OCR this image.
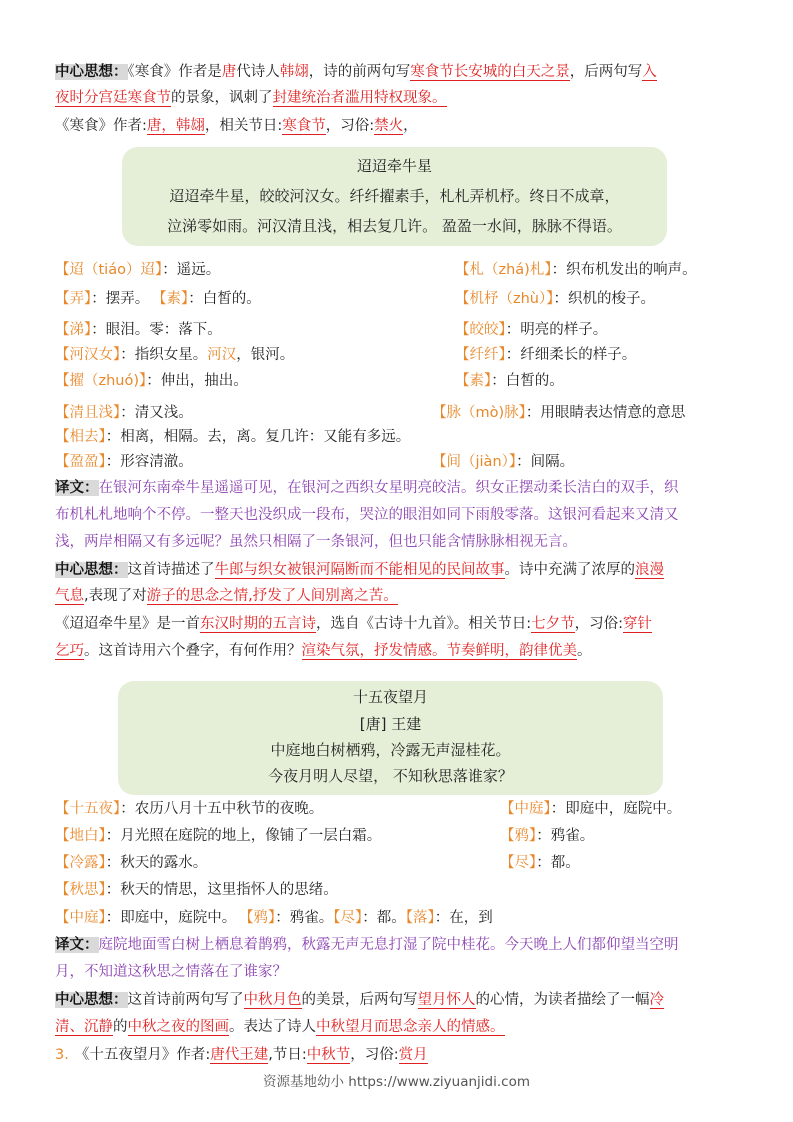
中心思想：《寒食》作者是唐代诗人韩翃，诗的前两句写寒食节长安城的白天之景，后两句写入
夜时分宫廷寒食节的景象，讽刺了封建统治者滥用特权现象。
《寒食》作者:唐，韩翃，相关节日:寒食节，习俗:禁火，
迢迢牵牛星
迢迢牵牛星，皎皎河汉女。纤纤擢素手，札札弄机杼。终日不成章，
泣涕零如雨。河汉清且浅，相去复几许。 盈盈一水间，脉脉不得语。
【迢（tiáo）迢】：遥远。	【札（zhá)札】：织布机发出的响声。
【弄】：摆弄。 【素】：白皙的。	【机杼（zhù）】：织机的梭子。
【涕】：眼泪。零：落下。	【皎皎】：明亮的样子。
【河汉女】：指织女星。河汉，银河。	【纤纤】：纤细柔长的样子。
【擢（zhuó)】：伸出，抽出。	【素】：白皙的。
【清且浅】：清又浅。	【脉（mò)脉】：用眼睛表达情意的意思
【相去】：相离，相隔。去，离。复几许：又能有多远。
【盈盈】：形容清澈。	【间（jiàn）】：间隔。
译文：在银河东南牵牛星遥遥可见，在银河之西织女星明亮皎洁。织女正摆动柔长洁白的双手，织
布机札札地响个不停。一整天也没织成一段布，哭泣的眼泪如同下雨般零落。这银河看起来又清又
浅，两岸相隔又有多远呢？虽然只相隔了一条银河，但也只能含情脉脉相视无言。
中心思想：这首诗描述了牛郎与织女被银河隔断而不能相见的民间故事。诗中充满了浓厚的浪漫
气息,表现了对游子的思念之情,抒发了人间别离之苦。
《迢迢牵牛星》是一首东汉时期的五言诗，选自《古诗十九首》。相关节日:七夕节，习俗:穿针
乞巧。这首诗用六个叠字，有何作用？渲染气氛，抒发情感。节奏鲜明，韵律优美。
十五夜望月
[唐] 王建
中庭地白树栖鸦，冷露无声湿桂花。
今夜月明人尽望， 不知秋思落谁家？
【十五夜】：农历八月十五中秋节的夜晚。	【中庭】：即庭中，庭院中。
【地白】：月光照在庭院的地上，像铺了一层白霜。	【鸦】：鸦雀。
【冷露】：秋天的露水。	【尽】：都。
【秋思】：秋天的情思，这里指怀人的思绪。
【中庭】：即庭中，庭院中。 【鸦】：鸦雀。【尽】：都。【落】：在，到
译文：庭院地面雪白树上栖息着鹊鸦，秋露无声无息打湿了院中桂花。今天晚上人们都仰望当空明
月，不知道这秋思之情落在了谁家？
中心思想：这首诗前两句写了中秋月色的美景，后两句写望月怀人的心情，为读者描绘了一幅冷
清、沉静的中秋之夜的图画。表达了诗人中秋望月而思念亲人的情感。
3. 《十五夜望月》作者:唐代王建,节日:中秋节，习俗:赏月
资源基地幼小 https://www.ziyuanjidi.com
